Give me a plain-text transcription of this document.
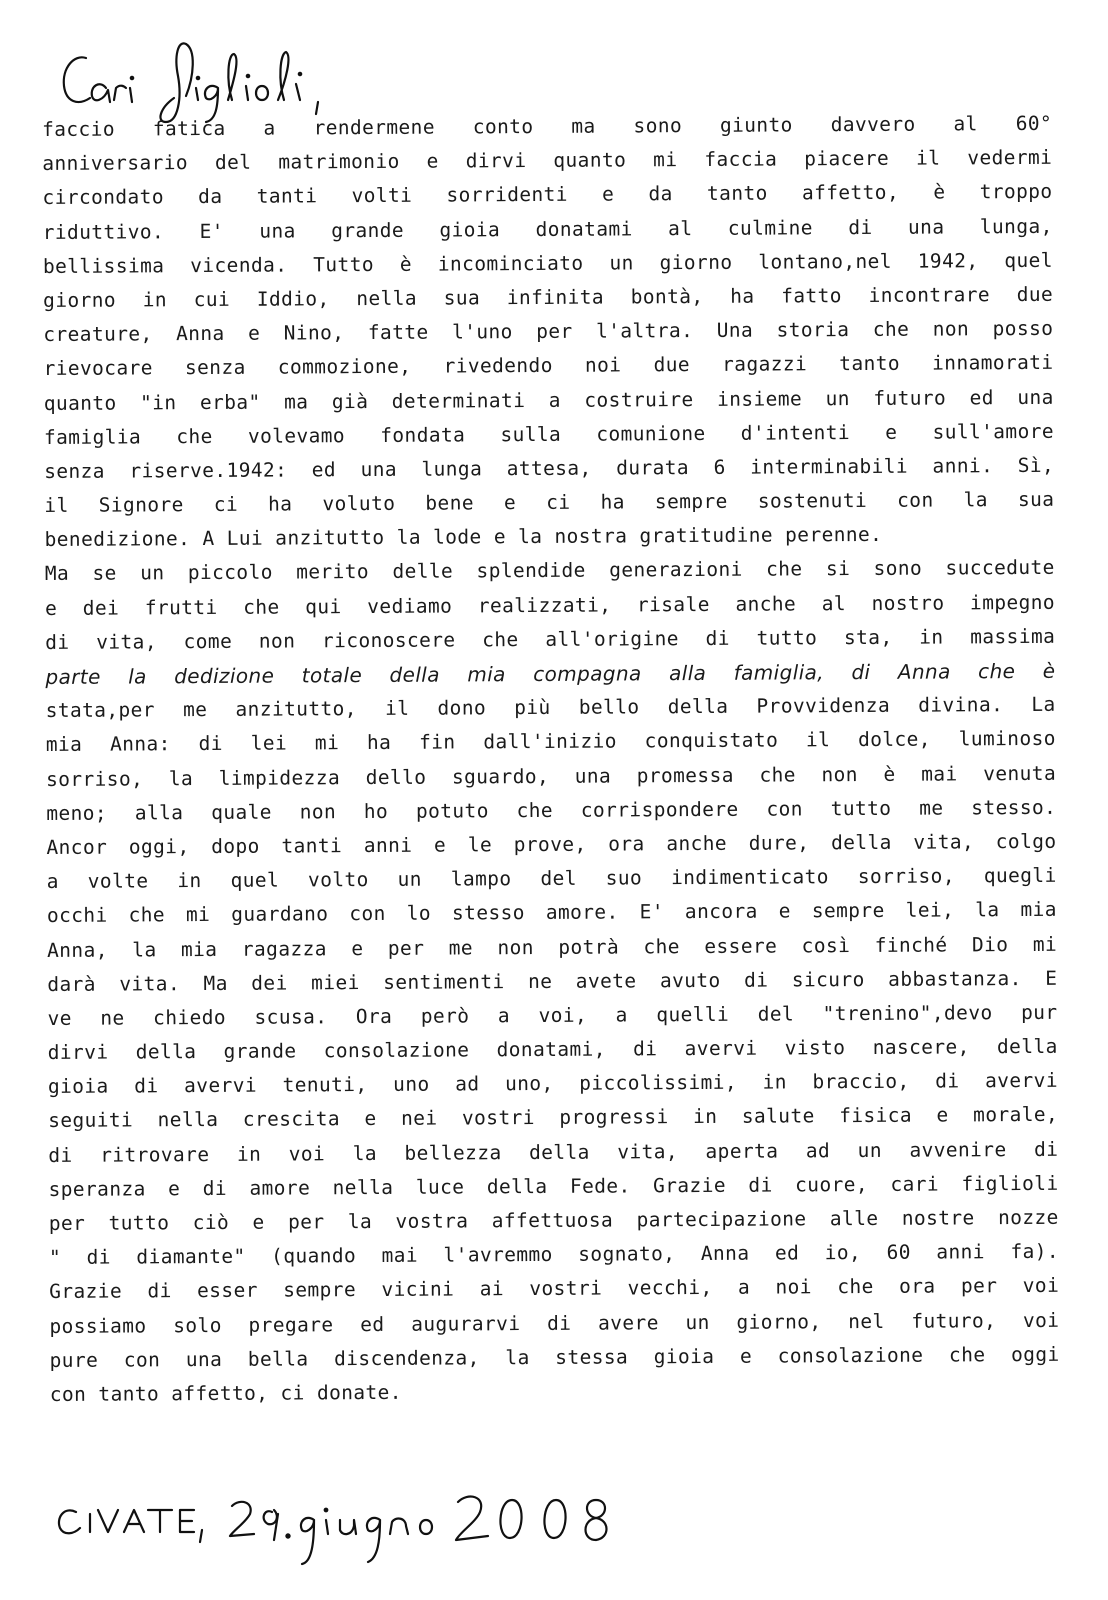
faccio fatica a rendermene conto ma sono giunto davvero al 60°
anniversario del matrimonio e dirvi quanto mi faccia piacere il vedermi
circondato da tanti volti sorridenti e da tanto affetto, è troppo
riduttivo. E' una grande gioia donatami al culmine di una lunga,
bellissima vicenda. Tutto è incominciato un giorno lontano,nel 1942, quel
giorno in cui Iddio, nella sua infinita bontà, ha fatto incontrare due
creature, Anna e Nino, fatte l'uno per l'altra. Una storia che non posso
rievocare senza commozione, rivedendo noi due ragazzi tanto innamorati
quanto "in erba" ma già determinati a costruire insieme un futuro ed una
famiglia che volevamo fondata sulla comunione d'intenti e sull'amore
senza riserve.1942: ed una lunga attesa, durata 6 interminabili anni. Sì,
il Signore ci ha voluto bene e ci ha sempre sostenuti con la sua
benedizione. A Lui anzitutto la lode e la nostra gratitudine perenne.
Ma se un piccolo merito delle splendide generazioni che si sono succedute
e dei frutti che qui vediamo realizzati, risale anche al nostro impegno
di vita, come non riconoscere che all'origine di tutto sta, in massima
parte la dedizione totale della mia compagna alla famiglia, di Anna che è
stata,per me anzitutto, il dono più bello della Provvidenza divina. La
mia Anna: di lei mi ha fin dall'inizio conquistato il dolce, luminoso
sorriso, la limpidezza dello sguardo, una promessa che non è mai venuta
meno; alla quale non ho potuto che corrispondere con tutto me stesso.
Ancor oggi, dopo tanti anni e le prove, ora anche dure, della vita, colgo
a volte in quel volto un lampo del suo indimenticato sorriso, quegli
occhi che mi guardano con lo stesso amore. E' ancora e sempre lei, la mia
Anna, la mia ragazza e per me non potrà che essere così finché Dio mi
darà vita. Ma dei miei sentimenti ne avete avuto di sicuro abbastanza. E
ve ne chiedo scusa. Ora però a voi, a quelli del "trenino",devo pur
dirvi della grande consolazione donatami, di avervi visto nascere, della
gioia di avervi tenuti, uno ad uno, piccolissimi, in braccio, di avervi
seguiti nella crescita e nei vostri progressi in salute fisica e morale,
di ritrovare in voi la bellezza della vita, aperta ad un avvenire di
speranza e di amore nella luce della Fede. Grazie di cuore, cari figlioli
per tutto ciò e per la vostra affettuosa partecipazione alle nostre nozze
" di diamante" (quando mai l'avremmo sognato, Anna ed io, 60 anni fa).
Grazie di esser sempre vicini ai vostri vecchi, a noi che ora per voi
possiamo solo pregare ed augurarvi di avere un giorno, nel futuro, voi
pure con una bella discendenza, la stessa gioia e consolazione che oggi
con tanto affetto, ci donate.
